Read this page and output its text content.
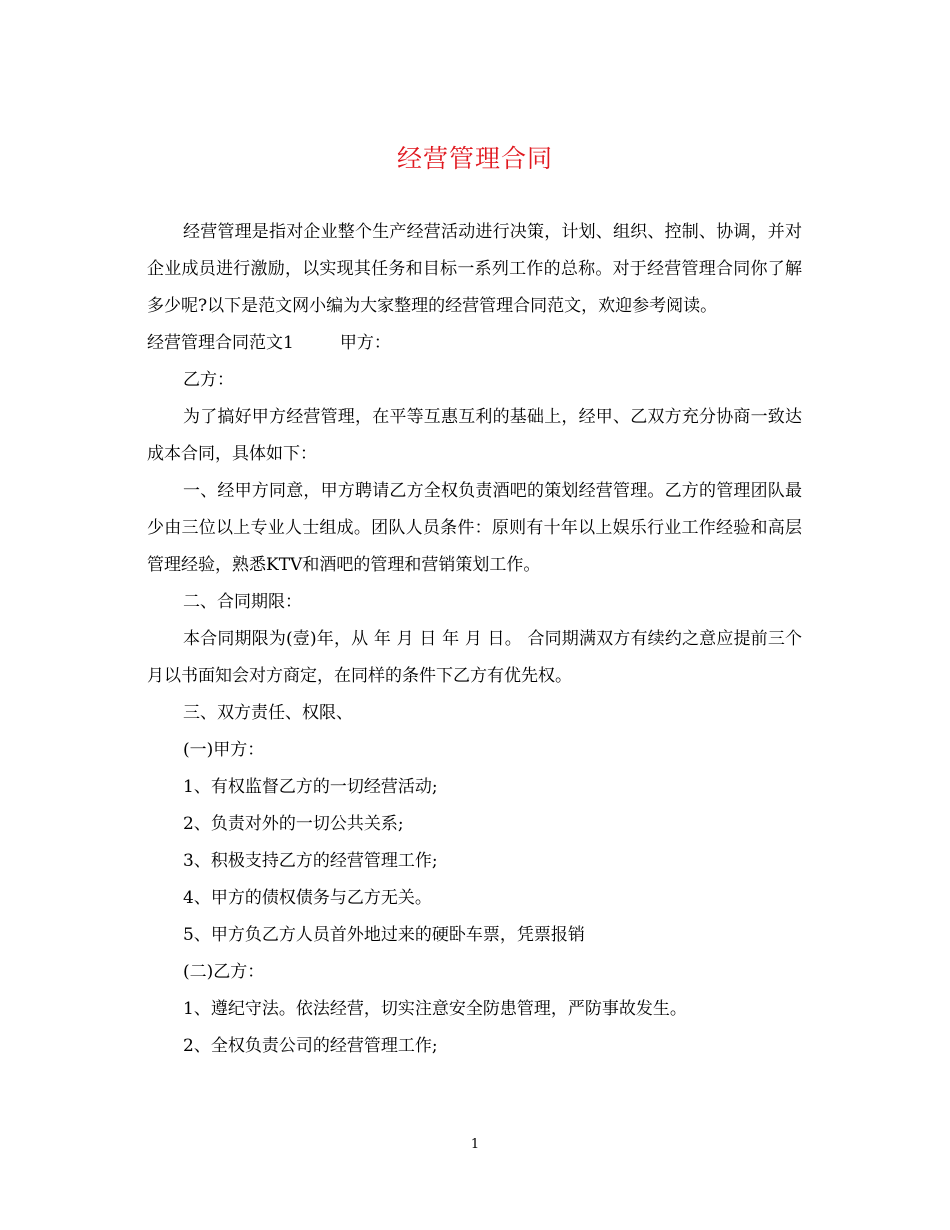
经营管理合同

经营管理是指对企业整个生产经营活动进行决策，计划、组织、控制、协调，并对企业成员进行激励，以实现其任务和目标一系列工作的总称。对于经营管理合同你了解多少呢?以下是范文网小编为大家整理的经营管理合同范文，欢迎参考阅读。

经营管理合同范文1	甲方：

乙方：

为了搞好甲方经营管理，在平等互惠互利的基础上，经甲、乙双方充分协商一致达成本合同，具体如下：

一、经甲方同意，甲方聘请乙方全权负责酒吧的策划经营管理。乙方的管理团队最少由三位以上专业人士组成。团队人员条件：原则有十年以上娱乐行业工作经验和高层管理经验，熟悉KTV和酒吧的管理和营销策划工作。

二、合同期限：

本合同期限为(壹)年，从 年 月 日 年 月 日。 合同期满双方有续约之意应提前三个月以书面知会对方商定，在同样的条件下乙方有优先权。

三、双方责任、权限、

(一)甲方：

1、有权监督乙方的一切经营活动;

2、负责对外的一切公共关系;

3、积极支持乙方的经营管理工作;

4、甲方的债权债务与乙方无关。

5、甲方负乙方人员首外地过来的硬卧车票，凭票报销

(二)乙方：

1、遵纪守法。依法经营，切实注意安全防患管理，严防事故发生。

2、全权负责公司的经营管理工作;

1
